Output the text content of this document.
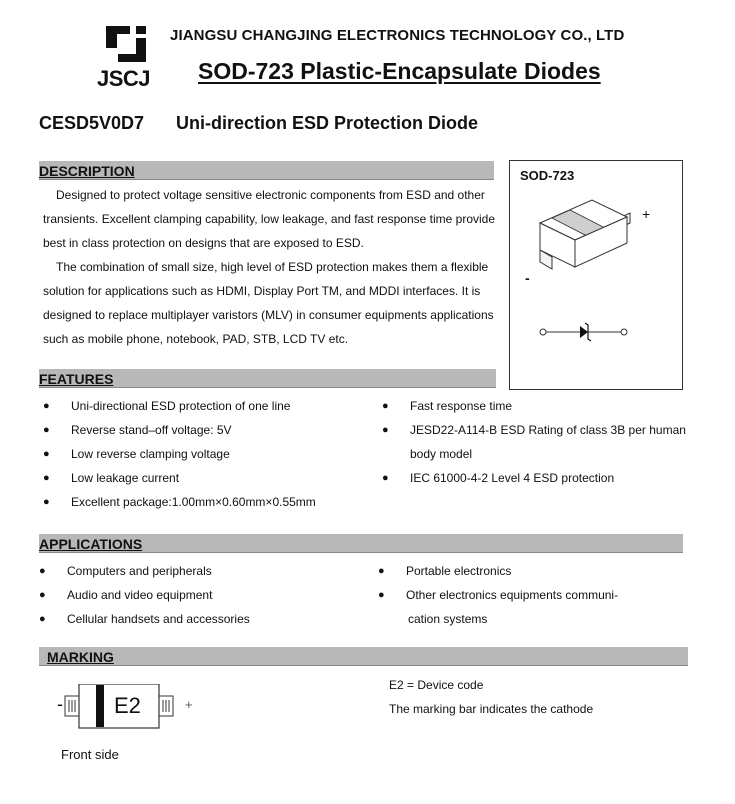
JSCJ
JIANGSU CHANGJING ELECTRONICS TECHNOLOGY CO., LTD
SOD-723 Plastic-Encapsulate Diodes
CESD5V0D7 Uni-direction ESD Protection Diode
DESCRIPTION
Designed to protect voltage sensitive electronic components from ESD and other
transients. Excellent clamping capability, low leakage, and fast response time provide
best in class protection on designs that are exposed to ESD.
The combination of small size, high level of ESD protection makes them a flexible
solution for applications such as HDMI, Display Port TM, and MDDI interfaces. It is
designed to replace multiplayer varistors (MLV) in consumer equipments applications
such as mobile phone, notebook, PAD, STB, LCD TV etc.
SOD-723
+
-
FEATURES
● Uni-directional ESD protection of one line
● Reverse stand–off voltage: 5V
● Low reverse clamping voltage
● Low leakage current
● Excellent package:1.00mm×0.60mm×0.55mm
● Fast response time
● JESD22-A114-B ESD Rating of class 3B per human
body model
● IEC 61000-4-2 Level 4 ESD protection
APPLICATIONS
● Computers and peripherals
● Audio and video equipment
● Cellular handsets and accessories
● Portable electronics
● Other electronics equipments communi-
cation systems
MARKING
- E2	+
Front side
E2 = Device code
The marking bar indicates the cathode
